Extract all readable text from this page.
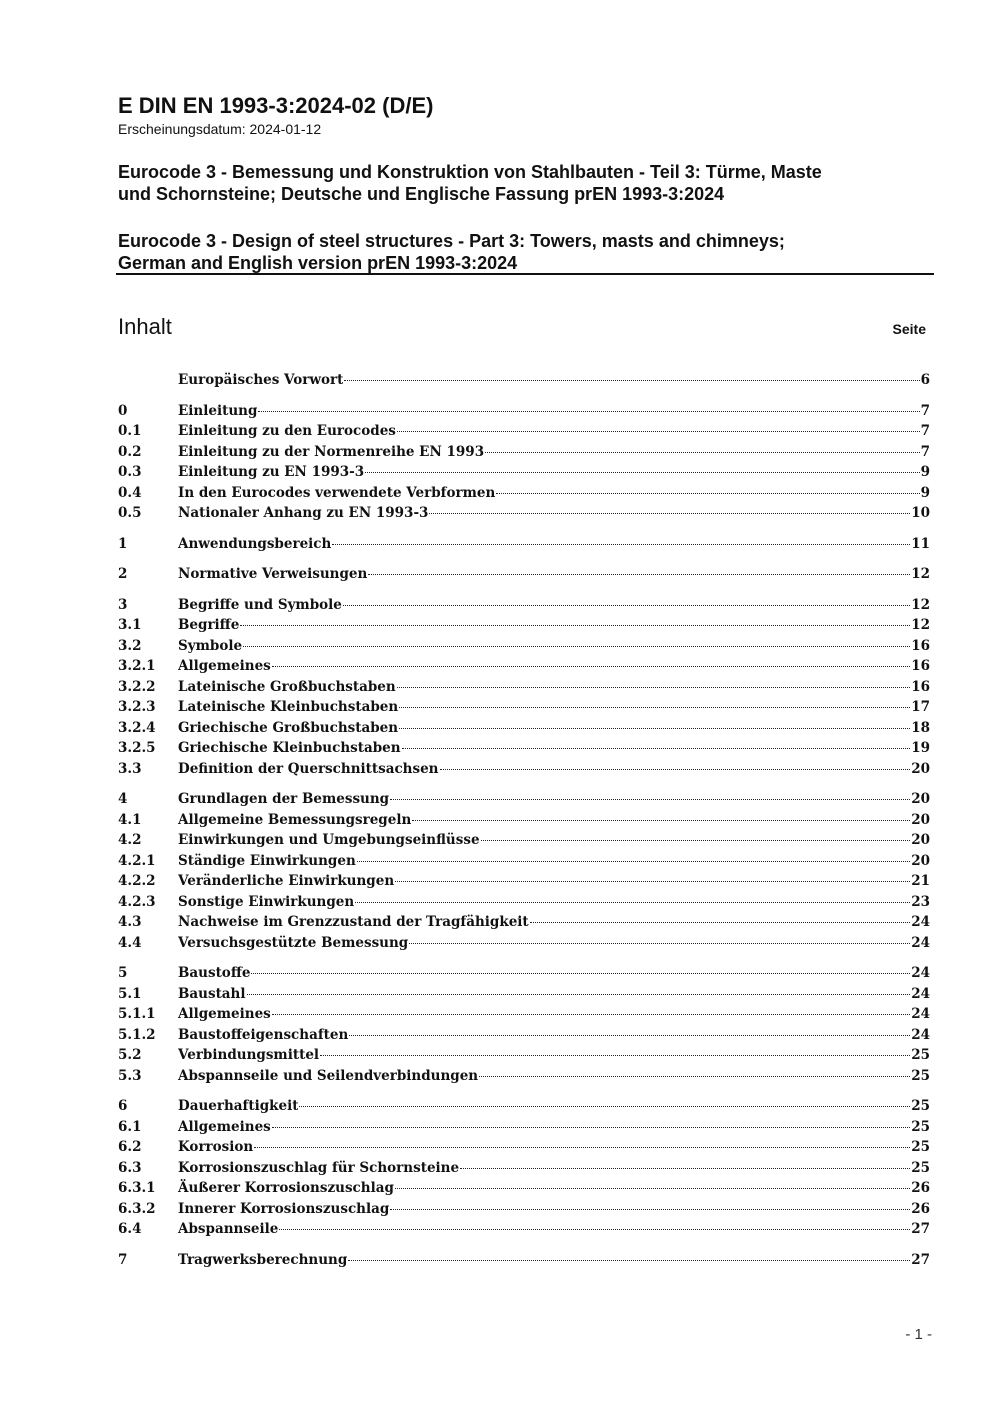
E DIN EN 1993-3:2024-02 (D/E)

Erscheinungsdatum: 2024-01-12

Eurocode 3 - Bemessung und Konstruktion von Stahlbauten - Teil 3: Türme, Maste
und Schornsteine; Deutsche und Englische Fassung prEN 1993-3:2024

Eurocode 3 - Design of steel structures - Part 3: Towers, masts and chimneys;
German and English version prEN 1993-3:2024

Inhalt	Seite
Europäisches Vorwort	6
0	Einleitung	7
0.1	Einleitung zu den Eurocodes	7
0.2	Einleitung zu der Normenreihe EN 1993	7
0.3	Einleitung zu EN 1993-3	9
0.4	In den Eurocodes verwendete Verbformen	9
0.5	Nationaler Anhang zu EN 1993-3	10
1	Anwendungsbereich	11
2	Normative Verweisungen	12
3	Begriffe und Symbole	12
3.1	Begriffe	12
3.2	Symbole	16
3.2.1	Allgemeines	16
3.2.2	Lateinische Großbuchstaben	16
3.2.3	Lateinische Kleinbuchstaben	17
3.2.4	Griechische Großbuchstaben	18
3.2.5	Griechische Kleinbuchstaben	19
3.3	Definition der Querschnittsachsen	20
4	Grundlagen der Bemessung	20
4.1	Allgemeine Bemessungsregeln	20
4.2	Einwirkungen und Umgebungseinflüsse	20
4.2.1	Ständige Einwirkungen	20
4.2.2	Veränderliche Einwirkungen	21
4.2.3	Sonstige Einwirkungen	23
4.3	Nachweise im Grenzzustand der Tragfähigkeit	24
4.4	Versuchsgestützte Bemessung	24
5	Baustoffe	24
5.1	Baustahl	24
5.1.1	Allgemeines	24
5.1.2	Baustoffeigenschaften	24
5.2	Verbindungsmittel	25
5.3	Abspannseile und Seilendverbindungen	25
6	Dauerhaftigkeit	25
6.1	Allgemeines	25
6.2	Korrosion	25
6.3	Korrosionszuschlag für Schornsteine	25
6.3.1	Äußerer Korrosionszuschlag	26
6.3.2	Innerer Korrosionszuschlag	26
6.4	Abspannseile	27
7	Tragwerksberechnung	27
- 1 -
